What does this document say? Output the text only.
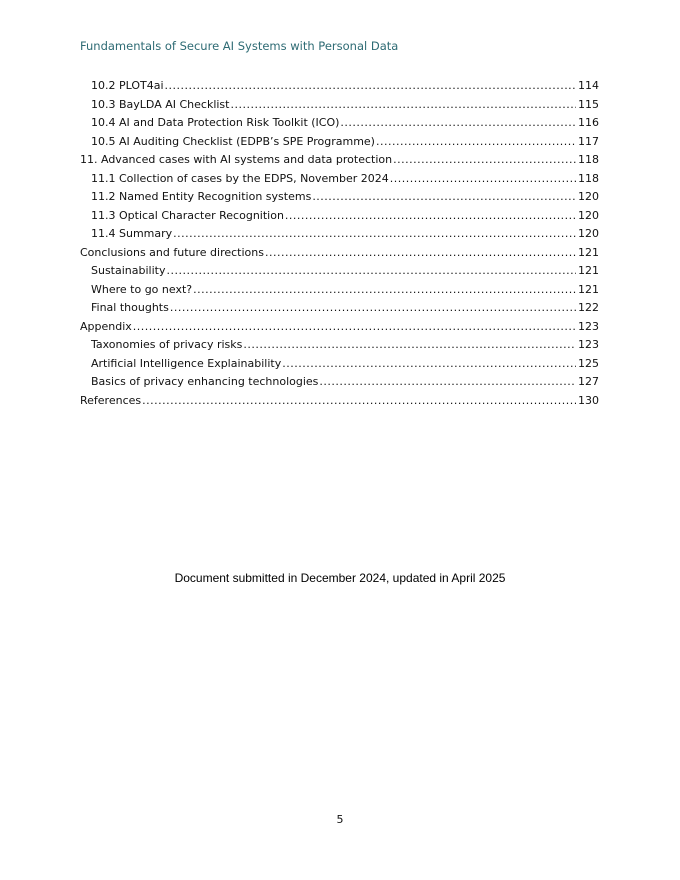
Fundamentals of Secure AI Systems with Personal Data
10.2 PLOT4ai .....	114
10.3 BayLDA AI Checklist .....	115
10.4 AI and Data Protection Risk Toolkit (ICO) .....	116
10.5 AI Auditing Checklist (EDPB’s SPE Programme) .....	117
11. Advanced cases with AI systems and data protection .....	118
11.1 Collection of cases by the EDPS, November 2024 .....	118
11.2 Named Entity Recognition systems .....	120
11.3 Optical Character Recognition .....	120
11.4 Summary .....	120
Conclusions and future directions .....	121
Sustainability .....	121
Where to go next? .....	121
Final thoughts .....	122
Appendix .....	123
Taxonomies of privacy risks .....	123
Artificial Intelligence Explainability .....	125
Basics of privacy enhancing technologies .....	127
References .....	130
Document submitted in December 2024, updated in April 2025
5
